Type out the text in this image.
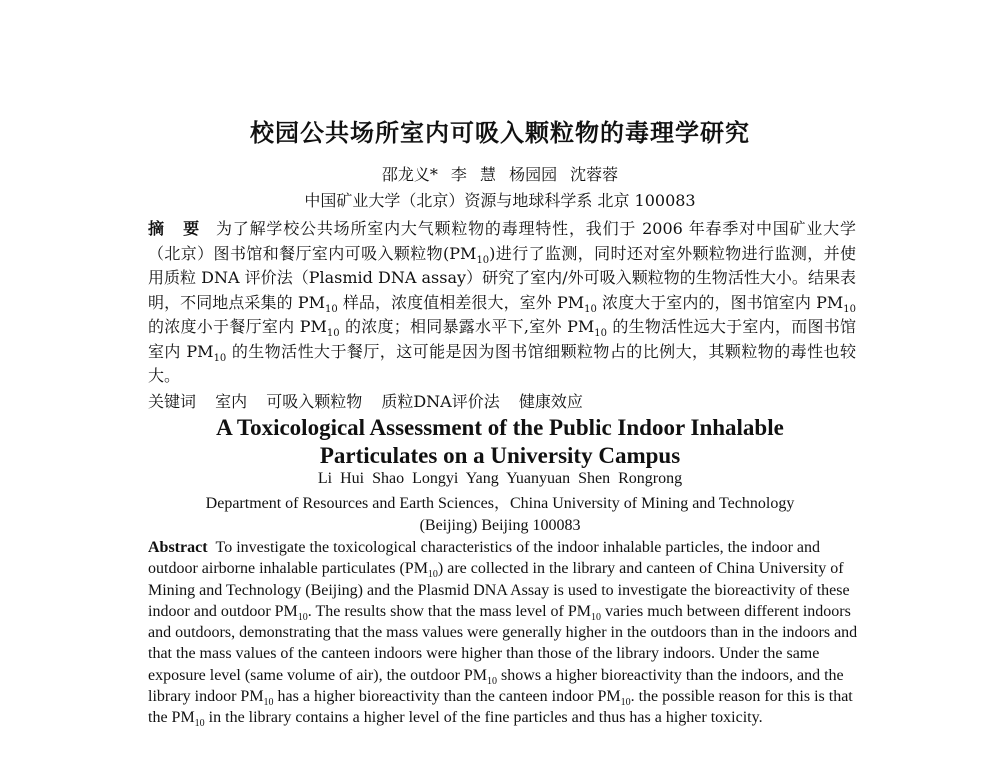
校园公共场所室内可吸入颗粒物的毒理学研究
邵龙义* 李 慧 杨园园 沈蓉蓉
中国矿业大学（北京）资源与地球科学系 北京 100083
摘 要 为了解学校公共场所室内大气颗粒物的毒理特性，我们于 2006 年春季对中国矿业大学（北京）图书馆和餐厅室内可吸入颗粒物$(PM_{10})$进行了监测，同时还对室外颗粒物进行监测，并使用质粒 DNA 评价法（Plasmid DNA assay）研究了室内/外可吸入颗粒物的生物活性大小。结果表明，不同地点采集的 $PM_{10}$ 样品，浓度值相差很大，室外 $PM_{10}$ 浓度大于室内的，图书馆室内 $PM_{10}$ 的浓度小于餐厅室内 $PM_{10}$ 的浓度；相同暴露水平下,室外 $PM_{10}$ 的生物活性远大于室内，而图书馆室内 $PM_{10}$ 的生物活性大于餐厅，这可能是因为图书馆细颗粒物占的比例大，其颗粒物的毒性也较大。
关键词 室内 可吸入颗粒物 质粒DNA评价法 健康效应
A Toxicological Assessment of the Public Indoor Inhalable
Particulates on a University Campus
Li Hui Shao Longyi Yang Yuanyuan Shen Rongrong
Department of Resources and Earth Sciences，China University of Mining and Technology
(Beijing) Beijing 100083
Abstract To investigate the toxicological characteristics of the indoor inhalable particles, the indoor and outdoor airborne inhalable particulates $(PM_{10})$ are collected in the library and canteen of China University of Mining and Technology (Beijing) and the Plasmid DNA Assay is used to investigate the bioreactivity of these indoor and outdoor $PM_{10}$. The results show that the mass level of $PM_{10}$ varies much between different indoors and outdoors, demonstrating that the mass values were generally higher in the outdoors than in the indoors and that the mass values of the canteen indoors were higher than those of the library indoors. Under the same exposure level (same volume of air), the outdoor $PM_{10}$ shows a higher bioreactivity than the indoors, and the library indoor $PM_{10}$ has a higher bioreactivity than the canteen indoor $PM_{10}$. the possible reason for this is that the $PM_{10}$ in the library contains a higher level of the fine particles and thus has a higher toxicity.
